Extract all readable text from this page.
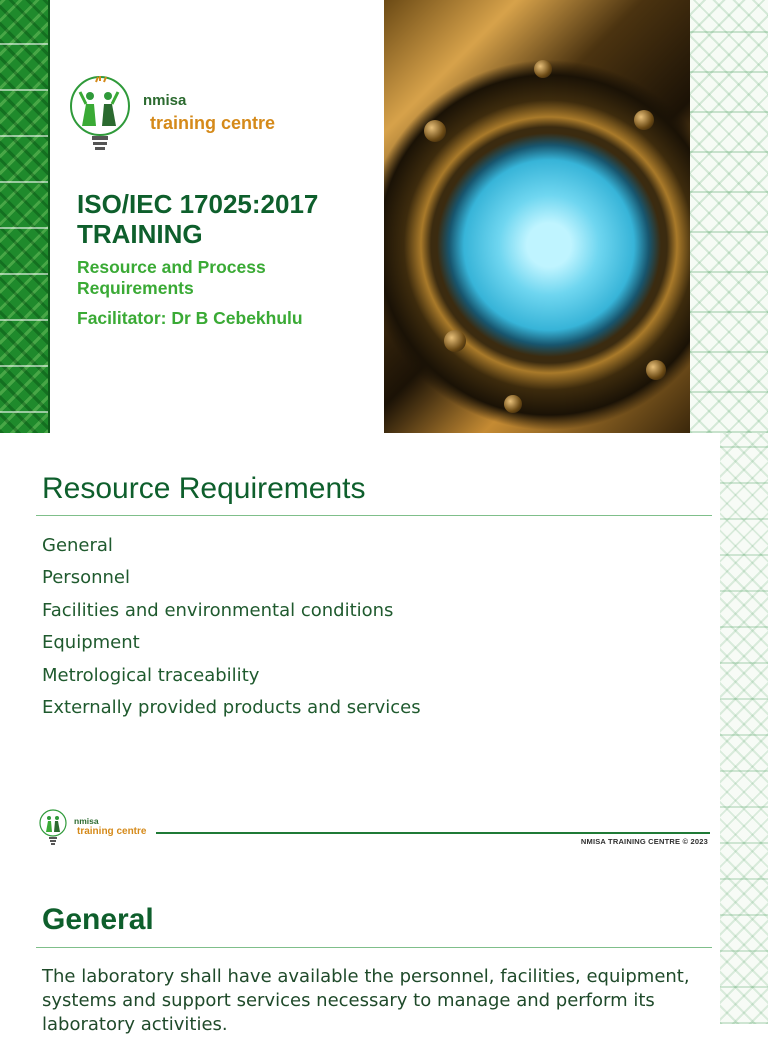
nmisa
training centre
ISO/IEC 17025:2017
TRAINING
Resource and Process
Requirements
Facilitator: Dr B Cebekhulu
Resource Requirements
General
Personnel
Facilities and environmental conditions
Equipment
Metrological traceability
Externally provided products and services
nmisa
training centre
NMISA TRAINING CENTRE © 2023
General
The laboratory shall have available the personnel, facilities, equipment, systems and support services necessary to manage and perform its laboratory activities.
